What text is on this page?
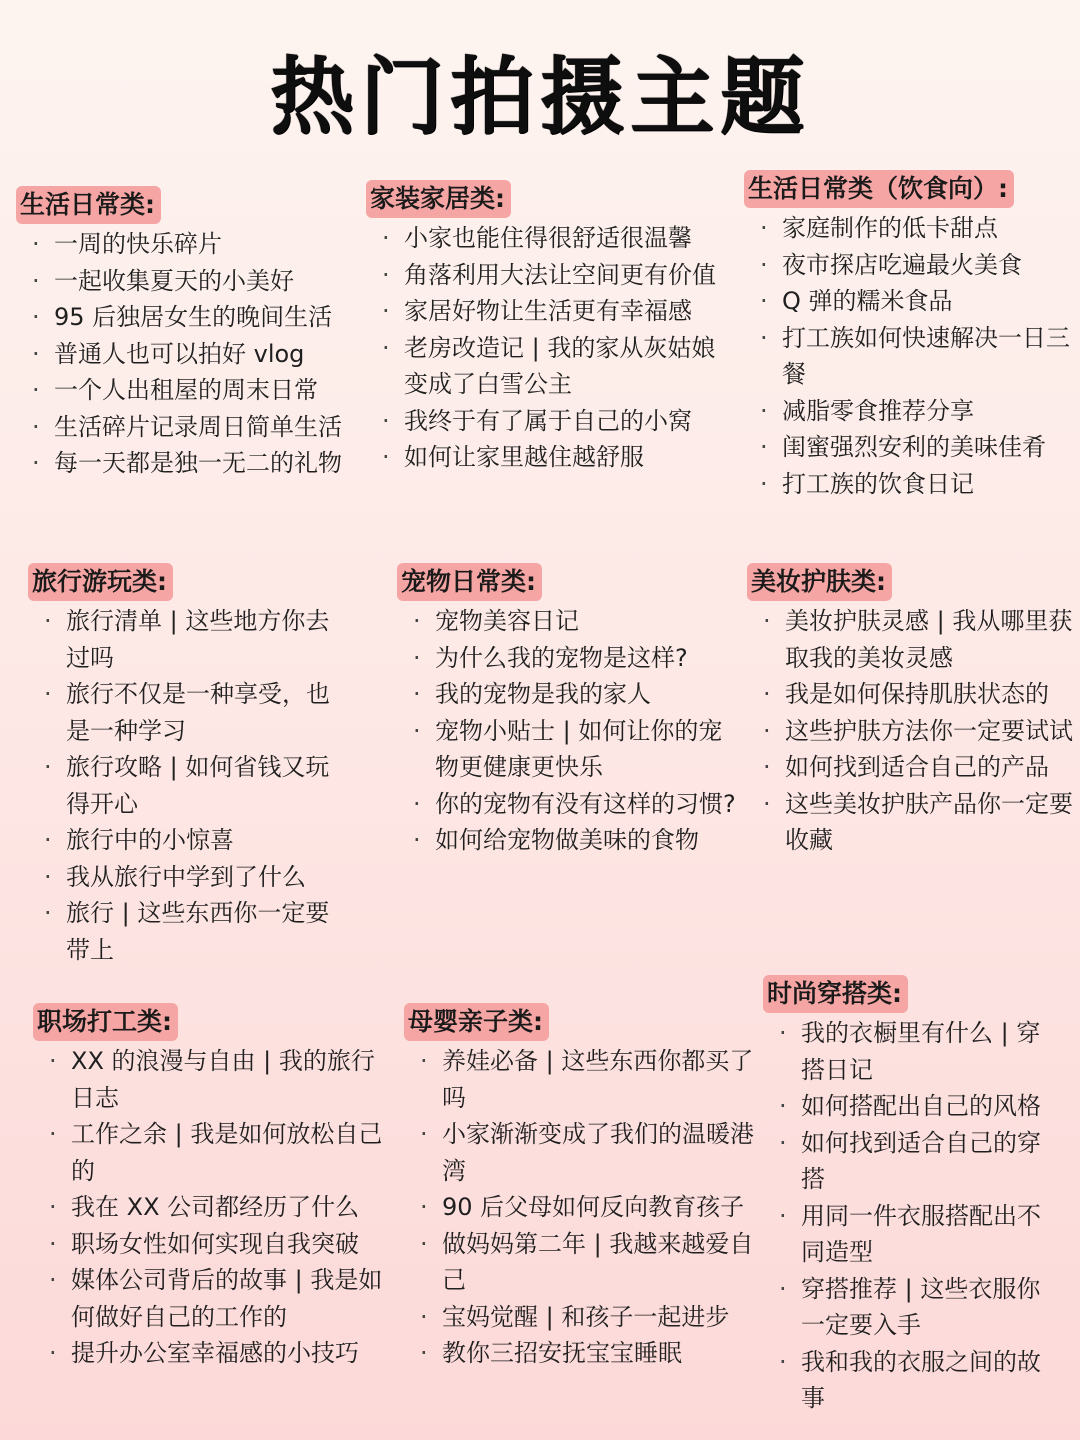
热门拍摄主题
生活日常类:
· 一周的快乐碎片
· 一起收集夏天的小美好
· 95 后独居女生的晚间生活
· 普通人也可以拍好 vlog
· 一个人出租屋的周末日常
· 生活碎片记录周日简单生活
· 每一天都是独一无二的礼物
家装家居类:
· 小家也能住得很舒适很温馨
· 角落利用大法让空间更有价值
· 家居好物让生活更有幸福感
· 老房改造记 | 我的家从灰姑娘变成了白雪公主
· 我终于有了属于自己的小窝
· 如何让家里越住越舒服
生活日常类（饮食向）:
· 家庭制作的低卡甜点
· 夜市探店吃遍最火美食
· Q 弹的糯米食品
· 打工族如何快速解决一日三餐
· 减脂零食推荐分享
· 闺蜜强烈安利的美味佳肴
· 打工族的饮食日记
旅行游玩类:
· 旅行清单 | 这些地方你去过吗
· 旅行不仅是一种享受，也是一种学习
· 旅行攻略 | 如何省钱又玩得开心
· 旅行中的小惊喜
· 我从旅行中学到了什么
· 旅行 | 这些东西你一定要带上
宠物日常类:
· 宠物美容日记
· 为什么我的宠物是这样?
· 我的宠物是我的家人
· 宠物小贴士 | 如何让你的宠物更健康更快乐
· 你的宠物有没有这样的习惯?
· 如何给宠物做美味的食物
美妆护肤类:
· 美妆护肤灵感 | 我从哪里获取我的美妆灵感
· 我是如何保持肌肤状态的
· 这些护肤方法你一定要试试
· 如何找到适合自己的产品
· 这些美妆护肤产品你一定要收藏
职场打工类:
· XX 的浪漫与自由 | 我的旅行日志
· 工作之余 | 我是如何放松自己的
· 我在 XX 公司都经历了什么
· 职场女性如何实现自我突破
· 媒体公司背后的故事 | 我是如何做好自己的工作的
· 提升办公室幸福感的小技巧
母婴亲子类:
· 养娃必备 | 这些东西你都买了吗
· 小家渐渐变成了我们的温暖港湾
· 90 后父母如何反向教育孩子
· 做妈妈第二年 | 我越来越爱自己
· 宝妈觉醒 | 和孩子一起进步
· 教你三招安抚宝宝睡眠
时尚穿搭类:
· 我的衣橱里有什么 | 穿搭日记
· 如何搭配出自己的风格
· 如何找到适合自己的穿搭
· 用同一件衣服搭配出不同造型
· 穿搭推荐 | 这些衣服你一定要入手
· 我和我的衣服之间的故事
